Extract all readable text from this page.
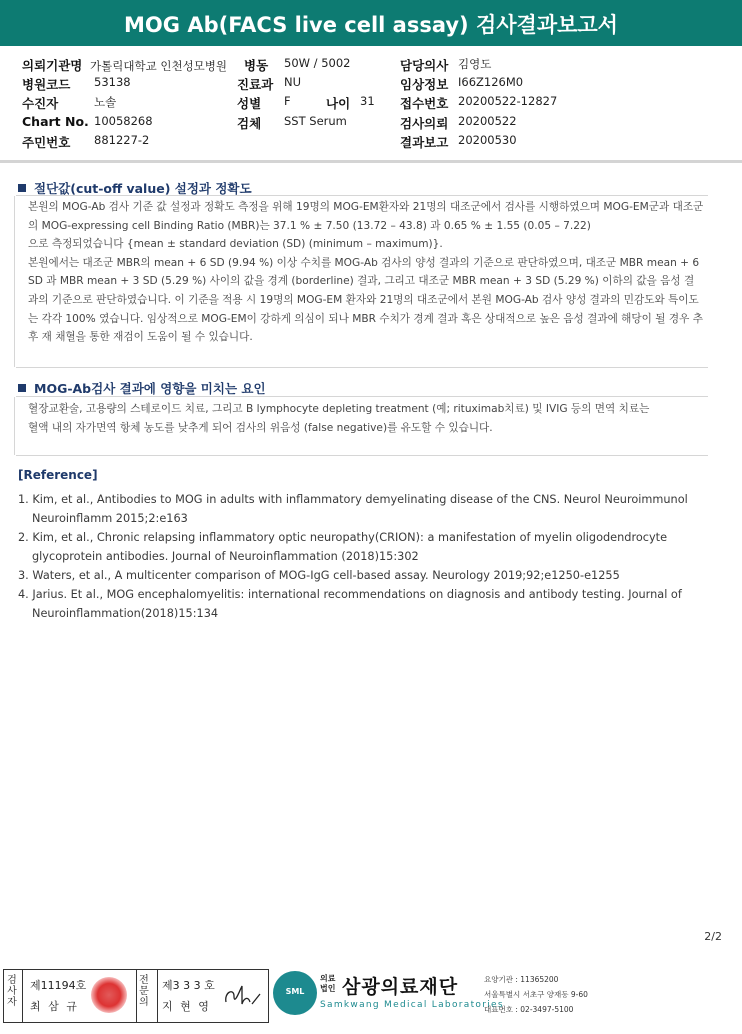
MOG Ab(FACS live cell assay) 검사결과보고서
의뢰기관명 가톨릭대학교 인천성모병원
병원코드 53138
수진자	노솔
Chart No. 10058268
주민번호 881227-2
병동 50W / 5002
진료과 NU
성별 F	나이 31
검체 SST Serum
담당의사 김영도
임상정보 I66Z126M0
접수번호 20200522-12827
검사의뢰 20200522
결과보고 20200530
절단값(cut-off value) 설정과 정확도

본원의 MOG-Ab 검사 기준 값 설정과 정확도 측정을 위해 19명의 MOG-EM환자와 21명의 대조군에서 검사를 시행하였으며 MOG-EM군과 대조군의 MOG-expressing cell Binding Ratio (MBR)는 37.1 % ± 7.50 (13.72 – 43.8) 과 0.65 % ± 1.55 (0.05 – 7.22)

으로 측정되었습니다 {mean ± standard deviation (SD) (minimum – maximum)}.

본원에서는 대조군 MBR의 mean + 6 SD (9.94 %) 이상 수치를 MOG-Ab 검사의 양성 결과의 기준으로 판단하였으며, 대조군 MBR mean + 6 SD 과 MBR mean + 3 SD (5.29 %) 사이의 값을 경계 (borderline) 결과, 그리고 대조군 MBR mean + 3 SD (5.29 %) 이하의 값을 음성 결과의 기준으로 판단하였습니다. 이 기준을 적용 시 19명의 MOG-EM 환자와 21명의 대조군에서 본원 MOG-Ab 검사 양성 결과의 민감도와 특이도는 각각 100% 였습니다. 임상적으로 MOG-EM이 강하게 의심이 되나 MBR 수치가 경계 결과 혹은 상대적으로 높은 음성 결과에 해당이 될 경우 추후 재 채혈을 통한 재검이 도움이 될 수 있습니다.

MOG-Ab검사 결과에 영향을 미치는 요인

혈장교환술, 고용량의 스테로이드 치료, 그리고 B lymphocyte depleting treatment (예; rituximab치료) 및 IVIG 등의 면역 치료는

혈액 내의 자가면역 항체 농도를 낮추게 되어 검사의 위음성 (false negative)를 유도할 수 있습니다.

[Reference]
1. Kim, et al., Antibodies to MOG in adults with inflammatory demyelinating disease of the CNS. Neurol Neuroimmunol Neuroinflamm 2015;2:e163
2. Kim, et al., Chronic relapsing inflammatory optic neuropathy(CRION): a manifestation of myelin oligodendrocyte glycoprotein antibodies. Journal of Neuroinflammation (2018)15:302
3. Waters, et al., A multicenter comparison of MOG-IgG cell-based assay. Neurology 2019;92;e1250-e1255
4. Jarius. Et al., MOG encephalomyelitis: international recommendations on diagnosis and antibody testing. Journal of Neuroinflammation(2018)15:134
2/2
검사자
제11194호
최 삼 규
전문의
제3 3 3 호
지 현 영
SML
의료
법인 삼광의료재단
Samkwang Medical Laboratories
요양기관 : 11365200
서울특별시 서초구 양재동 9-60
대표번호 : 02-3497-5100
